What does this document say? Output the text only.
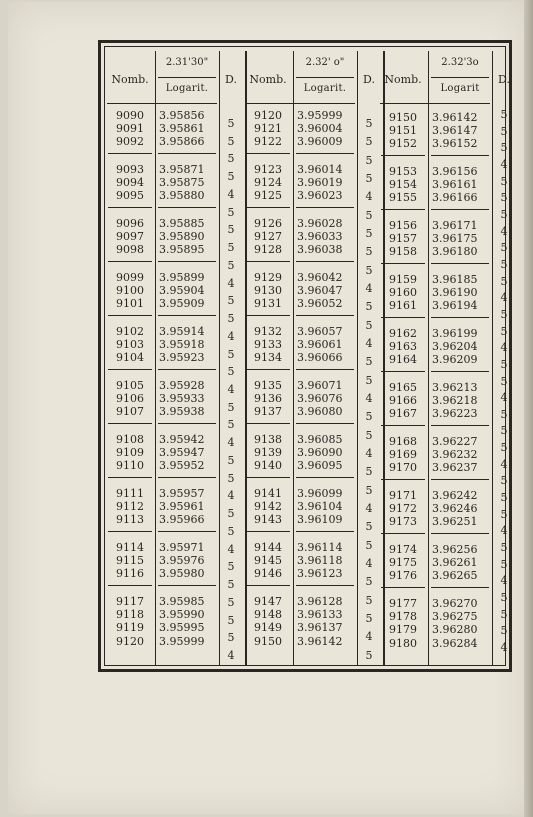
Nomb.
2.31'30"
Logarit.
D.
9090
9091
9092
3.95856
3.95861
3.95866
9093
9094
9095
3.95871
3.95875
3.95880
9096
9097
9098
3.95885
3.95890
3.95895
9099
9100
9101
3.95899
3.95904
3.95909
9102
9103
9104
3.95914
3.95918
3.95923
9105
9106
9107
3.95928
3.95933
3.95938
9108
9109
9110
3.95942
3.95947
3.95952
9111
9112
9113
3.95957
3.95961
3.95966
9114
9115
9116
3.95971
3.95976
3.95980
9117
9118
9119
9120
3.95985
3.95990
3.95995
3.95999
5
5
5
5
4
5
5
5
5
4
5
5
4
5
5
4
5
5
4
5
5
4
5
5
4
5
5
5
5
5
4
Nomb.
2.32' o"
Logarit.
D.
9120
9121
9122
3.95999
3.96004
3.96009
9123
9124
9125
3.96014
3.96019
3.96023
9126
9127
9128
3.96028
3.96033
3.96038
9129
9130
9131
3.96042
3.96047
3.96052
9132
9133
9134
3.96057
3.96061
3.96066
9135
9136
9137
3.96071
3.96076
3.96080
9138
9139
9140
3.96085
3.96090
3.96095
9141
9142
9143
3.96099
3.96104
3.96109
9144
9145
9146
3.96114
3.96118
3.96123
9147
9148
9149
9150
3.96128
3.96133
3.96137
3.96142
5
5
5
5
4
5
5
5
5
4
5
5
4
5
5
4
5
5
4
5
5
4
5
5
4
5
5
5
4
5
Nomb.
2.32'3o
Logarit
D.
9150
9151
9152
3.96142
3.96147
3.96152
9153
9154
9155
3.96156
3.96161
3.96166
9156
9157
9158
3.96171
3.96175
3.96180
9159
9160
9161
3.96185
3.96190
3.96194
9162
9163
9164
3.96199
3.96204
3.96209
9165
9166
9167
3.96213
3.96218
3.96223
9168
9169
9170
3.96227
3.96232
3.96237
9171
9172
9173
3.96242
3.96246
3.96251
9174
9175
9176
3.96256
3.96261
3.96265
9177
9178
9179
9180
3.96270
3.96275
3.96280
3.96284
5
5
5
4
5
5
5
4
5
5
5
4
5
5
4
5
5
4
5
5
5
4
5
5
5
4
5
5
4
5
5
5
4
